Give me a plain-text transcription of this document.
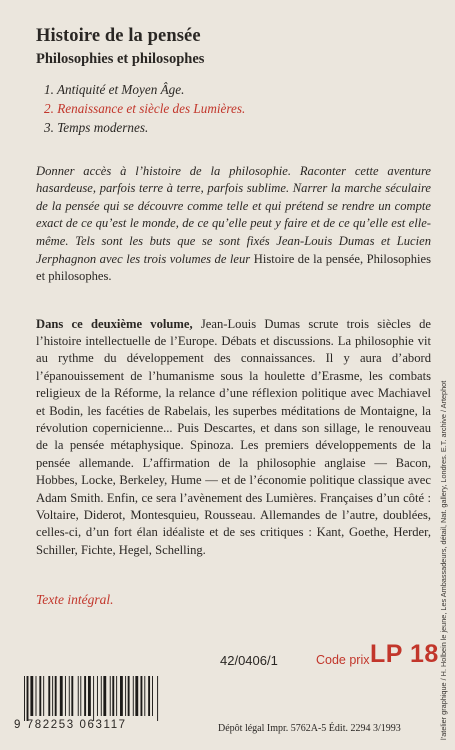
Histoire de la pensée
Philosophies et philosophes
1. Antiquité et Moyen Âge.
2. Renaissance et siècle des Lumières.
3. Temps modernes.

Donner accès à l’histoire de la philosophie. Raconter cette aventure hasardeuse, parfois terre à terre, parfois sublime. Narrer la marche séculaire de la pensée qui se découvre comme telle et qui prétend se rendre un compte exact de ce qu’est le monde, de ce qu’elle peut y faire et de ce qu’elle est elle-même. Tels sont les buts que se sont fixés Jean-Louis Dumas et Lucien Jerphagnon avec les trois volumes de leur Histoire de la pensée, Philosophies et philosophes.

Dans ce deuxième volume, Jean-Louis Dumas scrute trois siècles de l’histoire intellectuelle de l’Europe. Débats et discussions. La philosophie vit au rythme du développement des connaissances. Il y aura d’abord l’épanouissement de l’humanisme sous la houlette d’Erasme, les combats religieux de la Réforme, la relance d’une réflexion politique avec Machiavel et Bodin, les facéties de Rabelais, les superbes méditations de Montaigne, la révolution copernicienne... Puis Descartes, et dans son sillage, le renouveau de la pensée métaphysique. Spinoza. Les premiers développements de la pensée allemande. L’affirmation de la philosophie anglaise — Bacon, Hobbes, Locke, Berkeley, Hume — et de l’économie politique classique avec Adam Smith. Enfin, ce sera l’avènement des Lumières. Françaises d’un côté : Voltaire, Diderot, Montesquieu, Rousseau. Allemandes de l’autre, doublées, celles-ci, d’un fort élan idéaliste et de ses critiques : Kant, Goethe, Herder, Schiller, Fichte, Hegel, Schelling.

Texte intégral.
42/0406/1	Code prix LP 18
9 782253 063117	Dépôt légal Impr. 5762A-5 Édit. 2294 3/1993	l’atelier graphique / H. Holbein le jeune, Les Ambassadeurs, détail, Nat. gallery, Londres. E.T. archive / Artephot
